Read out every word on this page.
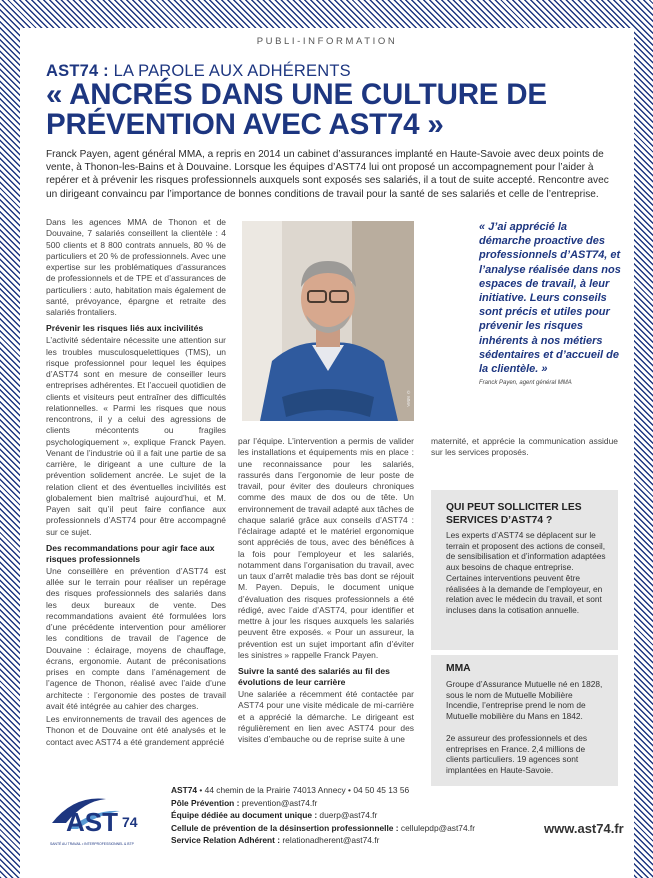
PUBLI-INFORMATION
AST74 : LA PAROLE AUX ADHÉRENTS
« ANCRÉS DANS UNE CULTURE DE PRÉVENTION AVEC AST74 »
Franck Payen, agent général MMA, a repris en 2014 un cabinet d’assurances implanté en Haute-Savoie avec deux points de vente, à Thonon-les-Bains et à Douvaine. Lorsque les équipes d’AST74 lui ont proposé un accompagnement pour l’aider à repérer et à prévenir les risques professionnels auxquels sont exposés ses salariés, il a tout de suite accepté. Rencontre avec un dirigeant convaincu par l’importance de bonnes conditions de travail pour la santé de ses salariés et celle de l’entreprise.

Dans les agences MMA de Thonon et de Douvaine, 7 salariés conseillent la clientèle : 4 500 clients et 8 800 contrats annuels, 80 % de particuliers et 20 % de professionnels. Avec une expertise sur les problématiques d’assurances de professionnels et de TPE et d’assurances de particuliers : auto, habitation mais également de santé, prévoyance, épargne et retraite des salariés frontaliers.

Prévenir les risques liés aux incivilités

L’activité sédentaire nécessite une attention sur les troubles musculosquelettiques (TMS), un risque professionnel pour lequel les équipes d’AST74 sont en mesure de conseiller leurs entreprises adhérentes. Et l’accueil quotidien de clients et visiteurs peut entraîner des difficultés relationnelles. « Parmi les risques que nous rencontrons, il y a celui des agressions de clients mécontents ou fragiles psychologiquement », explique Franck Payen. Venant de l’industrie où il a fait une partie de sa carrière, le dirigeant a une culture de la prévention solidement ancrée. Le sujet de la relation client et des éventuelles incivilités est globalement bien maîtrisé aujourd’hui, et M. Payen sait qu’il peut faire confiance aux professionnels d’AST74 pour être accompagné sur ce sujet.

Des recommandations pour agir face aux risques professionnels

Une conseillère en prévention d’AST74 est allée sur le terrain pour réaliser un repérage des risques professionnels des salariés dans les deux bureaux de vente. Des recommandations avaient été formulées lors d’une précédente intervention pour améliorer les conditions de travail de l’agence de Douvaine : éclairage, moyens de chauffage, écrans, ergonomie. Autant de préconisations prises en compte dans l’aménagement de l’agence de Thonon, réalisé avec l’aide d’une architecte : l’ergonomie des postes de travail avait été intégrée au cahier des charges.

Les environnements de travail des agences de Thonon et de Douvaine ont été analysés et le contact avec AST74 a été grandement apprécié

© MMA
« J’ai apprécié la démarche proactive des professionnels d’AST74, et l’analyse réalisée dans nos espaces de travail, à leur initiative. Leurs conseils sont précis et utiles pour prévenir les risques inhérents à nos métiers sédentaires et d’accueil de la clientèle. »
Franck Payen, agent général MMA

par l’équipe. L’intervention a permis de valider les installations et équipements mis en place : une reconnaissance pour les salariés, rassurés dans l’ergonomie de leur poste de travail, pour éviter des douleurs chroniques comme des maux de dos ou de tête. Un environnement de travail adapté aux tâches de chaque salarié grâce aux conseils d’AST74 : l’éclairage adapté et le matériel ergonomique sont appréciés de tous, avec des bénéfices à la fois pour l’employeur et les salariés, notamment dans l’organisation du travail, avec un taux d’arrêt maladie très bas dont se réjouit M. Payen. Depuis, le document unique d’évaluation des risques professionnels a été rédigé, avec l’aide d’AST74, pour identifier et mettre à jour les risques auxquels les salariés peuvent être exposés. « Pour un assureur, la prévention est un sujet important afin d’éviter les sinistres » rappelle Franck Payen.

Suivre la santé des salariés au fil des évolutions de leur carrière

Une salariée a récemment été contactée par AST74 pour une visite médicale de mi-carrière et a apprécié la démarche. Le dirigeant est régulièrement en lien avec AST74 pour des visites d’embauche ou de reprise suite à une

maternité, et apprécie la communication assidue sur les services proposés.

QUI PEUT SOLLICITER LES SERVICES D’AST74 ?

Les experts d’AST74 se déplacent sur le terrain et proposent des actions de conseil, de sensibilisation et d’information adaptées aux besoins de chaque entreprise. Certaines interventions peuvent être réalisées à la demande de l’employeur, en relation avec le médecin du travail, et sont incluses dans la cotisation annuelle.

MMA

Groupe d’Assurance Mutuelle né en 1828, sous le nom de Mutuelle Mobilière Incendie, l’entreprise prend le nom de Mutuelle mobilière du Mans en 1842.

2e assureur des professionnels et des entreprises en France. 2,4 millions de clients particuliers. 19 agences sont implantées en Haute-Savoie.

AST 74
SANTÉ AU TRAVAIL • INTERPROFESSIONNEL & BTP
AST74 • 44 chemin de la Prairie 74013 Annecy • 04 50 45 13 56
Pôle Prévention : prevention@ast74.fr
Équipe dédiée au document unique : duerp@ast74.fr
Cellule de prévention de la désinsertion professionnelle : cellulepdp@ast74.fr
Service Relation Adhérent : relationadherent@ast74.fr
www.ast74.fr
